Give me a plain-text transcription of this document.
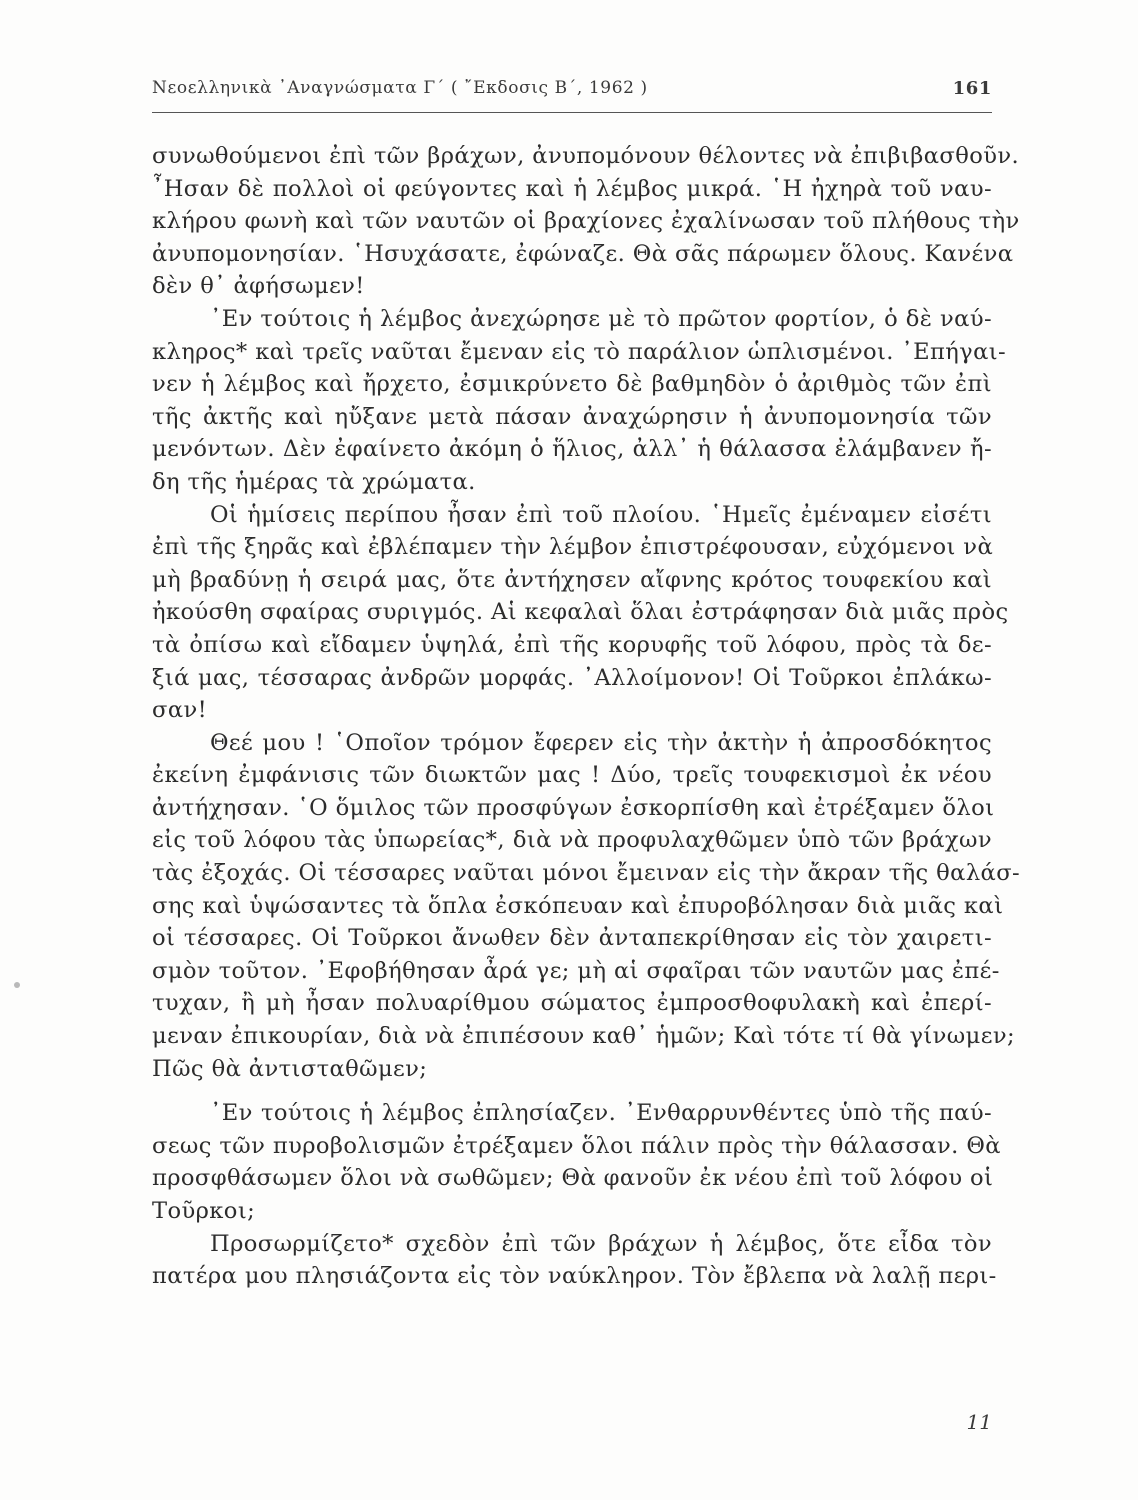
Νεοελληνικὰ ᾿Αναγνώσματα Γ΄ ( ῎Εκδοσις Β΄, 1962 )	161
συνωθούμενοι ἐπὶ τῶν βράχων, ἀνυπομόνουν θέλοντες νὰ ἐπιβιβασθοῦν.
῏Ησαν δὲ πολλοὶ οἱ φεύγοντες καὶ ἡ λέμβος μικρά. ῾Η ἠχηρὰ τοῦ ναυ-
κλήρου φωνὴ καὶ τῶν ναυτῶν οἱ βραχίονες ἐχαλίνωσαν τοῦ πλήθους τὴν
ἀνυπομονησίαν. ῾Ησυχάσατε, ἐφώναζε. Θὰ σᾶς πάρωμεν ὅλους. Κανένα
δὲν θ᾿ ἀφήσωμεν!
᾿Εν τούτοις ἡ λέμβος ἀνεχώρησε μὲ τὸ πρῶτον φορτίον, ὁ δὲ ναύ-
κληρος* καὶ τρεῖς ναῦται ἔμεναν εἰς τὸ παράλιον ὡπλισμένοι. ᾿Επήγαι-
νεν ἡ λέμβος καὶ ἤρχετο, ἐσμικρύνετο δὲ βαθμηδὸν ὁ ἀριθμὸς τῶν ἐπὶ
τῆς ἀκτῆς καὶ ηὔξανε μετὰ πάσαν ἀναχώρησιν ἡ ἀνυπομονησία τῶν
μενόντων. Δὲν ἐφαίνετο ἀκόμη ὁ ἥλιος, ἀλλ᾿ ἡ θάλασσα ἐλάμβανεν ἤ-
δη τῆς ἡμέρας τὰ χρώματα.
Οἱ ἡμίσεις περίπου ἦσαν ἐπὶ τοῦ πλοίου. ῾Ημεῖς ἐμέναμεν εἰσέτι
ἐπὶ τῆς ξηρᾶς καὶ ἐβλέπαμεν τὴν λέμβον ἐπιστρέφουσαν, εὐχόμενοι νὰ
μὴ βραδύνῃ ἡ σειρά μας, ὅτε ἀντήχησεν αἴφνης κρότος τουφεκίου καὶ
ἠκούσθη σφαίρας συριγμός. Αἱ κεφαλαὶ ὅλαι ἐστράφησαν διὰ μιᾶς πρὸς
τὰ ὀπίσω καὶ εἴδαμεν ὑψηλά, ἐπὶ τῆς κορυφῆς τοῦ λόφου, πρὸς τὰ δε-
ξιά μας, τέσσαρας ἀνδρῶν μορφάς. ᾿Αλλοίμονον! Οἱ Τοῦρκοι ἐπλάκω-
σαν!
Θεέ μου ! ῾Οποῖον τρόμον ἔφερεν εἰς τὴν ἀκτὴν ἡ ἀπροσδόκητος
ἐκείνη ἐμφάνισις τῶν διωκτῶν μας ! Δύο, τρεῖς τουφεκισμοὶ ἐκ νέου
ἀντήχησαν. ῾Ο ὅμιλος τῶν προσφύγων ἐσκορπίσθη καὶ ἐτρέξαμεν ὅλοι
εἰς τοῦ λόφου τὰς ὑπωρείας*, διὰ νὰ προφυλαχθῶμεν ὑπὸ τῶν βράχων
τὰς ἐξοχάς. Οἱ τέσσαρες ναῦται μόνοι ἔμειναν εἰς τὴν ἄκραν τῆς θαλάσ-
σης καὶ ὑψώσαντες τὰ ὅπλα ἐσκόπευαν καὶ ἐπυροβόλησαν διὰ μιᾶς καὶ
οἱ τέσσαρες. Οἱ Τοῦρκοι ἄνωθεν δὲν ἀνταπεκρίθησαν εἰς τὸν χαιρετι-
σμὸν τοῦτον. ᾿Εφοβήθησαν ἆρά γε; μὴ αἱ σφαῖραι τῶν ναυτῶν μας ἐπέ-
τυχαν, ἢ μὴ ἦσαν πολυαρίθμου σώματος ἐμπροσθοφυλακὴ καὶ ἐπερί-
μεναν ἐπικουρίαν, διὰ νὰ ἐπιπέσουν καθ᾿ ἡμῶν; Καὶ τότε τί θὰ γίνωμεν;
Πῶς θὰ ἀντισταθῶμεν;
᾿Εν τούτοις ἡ λέμβος ἐπλησίαζεν. ᾿Ενθαρρυνθέντες ὑπὸ τῆς παύ-
σεως τῶν πυροβολισμῶν ἐτρέξαμεν ὅλοι πάλιν πρὸς τὴν θάλασσαν. Θὰ
προσφθάσωμεν ὅλοι νὰ σωθῶμεν; Θὰ φανοῦν ἐκ νέου ἐπὶ τοῦ λόφου οἱ
Τοῦρκοι;
Προσωρμίζετο* σχεδὸν ἐπὶ τῶν βράχων ἡ λέμβος, ὅτε εἶδα τὸν
πατέρα μου πλησιάζοντα εἰς τὸν ναύκληρον. Τὸν ἔβλεπα νὰ λαλῇ περι-
11
